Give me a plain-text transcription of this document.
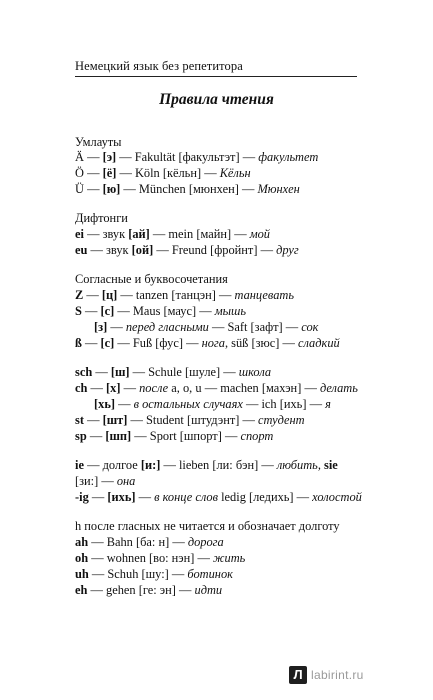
Немецкий язык без репетитора
Правила чтения
Умлауты
Ä — [э] — Fakultät [факультэт] — факультет
Ö — [ё] — Köln [кёльн] — Кёльн
Ü — [ю] — München [мюнхен] — Мюнхен
Дифтонги
ei — звук [ай] — mein [майн] — мой
eu — звук [ой] — Freund [фройнт] — друг
Согласные и буквосочетания
Z — [ц] — tanzen [танцэн] — танцевать
S — [с] — Maus [маус] — мышь
[з] — перед гласными — Saft [зафт] — сок
ß — [с] — Fuß [фус] — нога, süß [зюс] — сладкий
sch — [ш] — Schule [шуле] — школа
ch — [х] — после а, о, u — machen [махэн] — делать
[хь] — в остальных случаях — ich [ихь] — я
st — [шт] — Student [штудэнт] — студент
sp — [шп] — Sport [шпорт] — спорт
ie — долгое [и:] — lieben [ли: бэн] — любить, sie
[зи:] — она
-ig — [ихь] — в конце слов ledig [ледихь] — холостой
h после гласных не читается и обозначает долготу
ah — Bahn [ба: н] — дорога
oh — wohnen [во: нэн] — жить
uh — Schuh [шу:] — ботинок
eh — gehen [ге: эн] — идти
Л labirint.ru
